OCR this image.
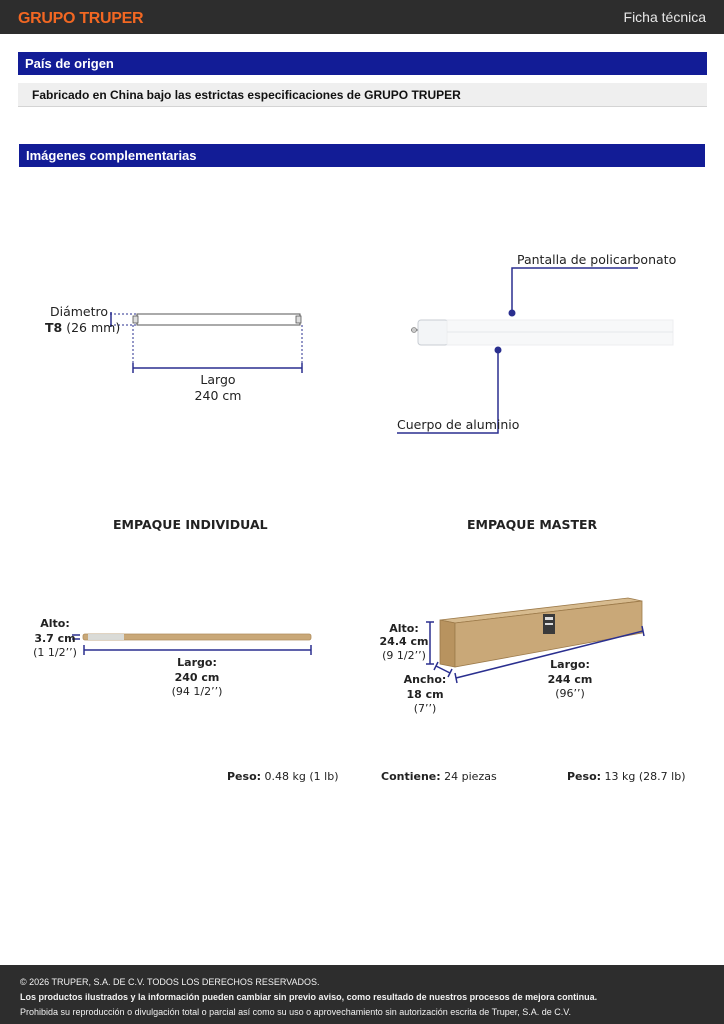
GRUPO TRUPER	Ficha técnica
País de origen
Fabricado en China bajo las estrictas especificaciones de GRUPO TRUPER
Imágenes complementarias
Diámetro
T8 (26 mm)
Largo
240 cm
Pantalla de policarbonato
Cuerpo de aluminio
EMPAQUE INDIVIDUAL
Alto:
3.7 cm
(1 1/2’’)
Largo:
240 cm
(94 1/2’’)
Peso: 0.48 kg (1 lb)
EMPAQUE MASTER
Alto:
24.4 cm
(9 1/2’’)
Ancho:
18 cm
(7’’)
Largo:
244 cm
(96’’)
Contiene: 24 piezas	Peso: 13 kg (28.7 lb)
© 2026 TRUPER, S.A. DE C.V. TODOS LOS DERECHOS RESERVADOS.
Los productos ilustrados y la información pueden cambiar sin previo aviso, como resultado de nuestros procesos de mejora continua.
Prohibida su reproducción o divulgación total o parcial así como su uso o aprovechamiento sin autorización escrita de Truper, S.A. de C.V.
